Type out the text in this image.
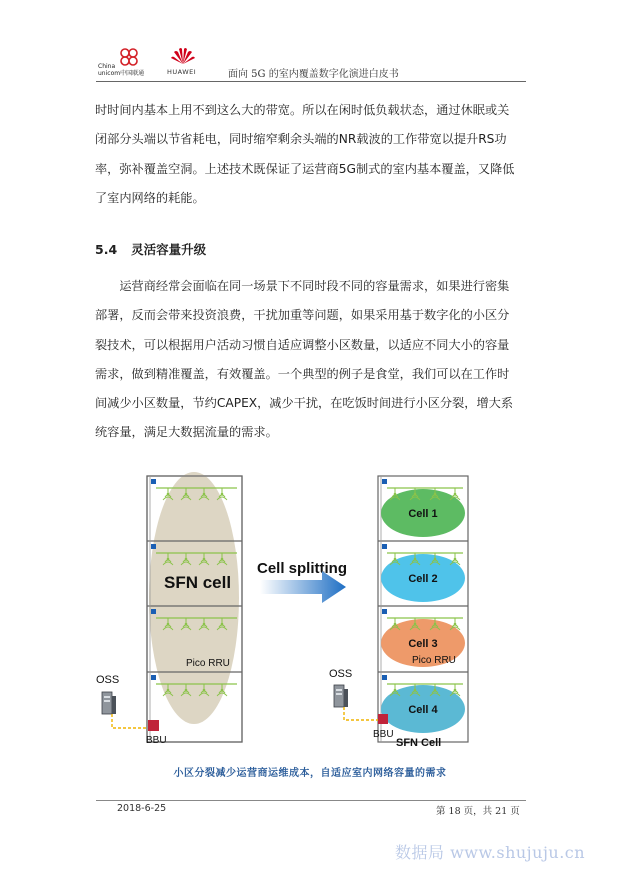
China
unicom中国联通	HUAWEI	面向 5G 的室内覆盖数字化演进白皮书
时时间内基本上用不到这么大的带宽。所以在闲时低负载状态，通过休眠或关
闭部分头端以节省耗电，同时缩窄剩余头端的NR载波的工作带宽以提升RS功
率，弥补覆盖空洞。上述技术既保证了运营商5G制式的室内基本覆盖，又降低
了室内网络的耗能。
5.4 灵活容量升级
　　运营商经常会面临在同一场景下不同时段不同的容量需求，如果进行密集
部署，反而会带来投资浪费，干扰加重等问题，如果采用基于数字化的小区分
裂技术，可以根据用户活动习惯自适应调整小区数量，以适应不同大小的容量
需求，做到精准覆盖，有效覆盖。一个典型的例子是食堂，我们可以在工作时
间减少小区数量，节约CAPEX，减少干扰，在吃饭时间进行小区分裂，增大系
统容量，满足大数据流量的需求。
OSS
BBU
SFN cell
Pico RRU
Cell splitting
Cell 1
Cell 2
Cell 3
Cell 4
Pico RRU
OSS
BBU
SFN Cell
小区分裂减少运营商运维成本，自适应室内网络容量的需求
2018-6-25	第 18 页，共 21 页
数据局 www.shujuju.cn
